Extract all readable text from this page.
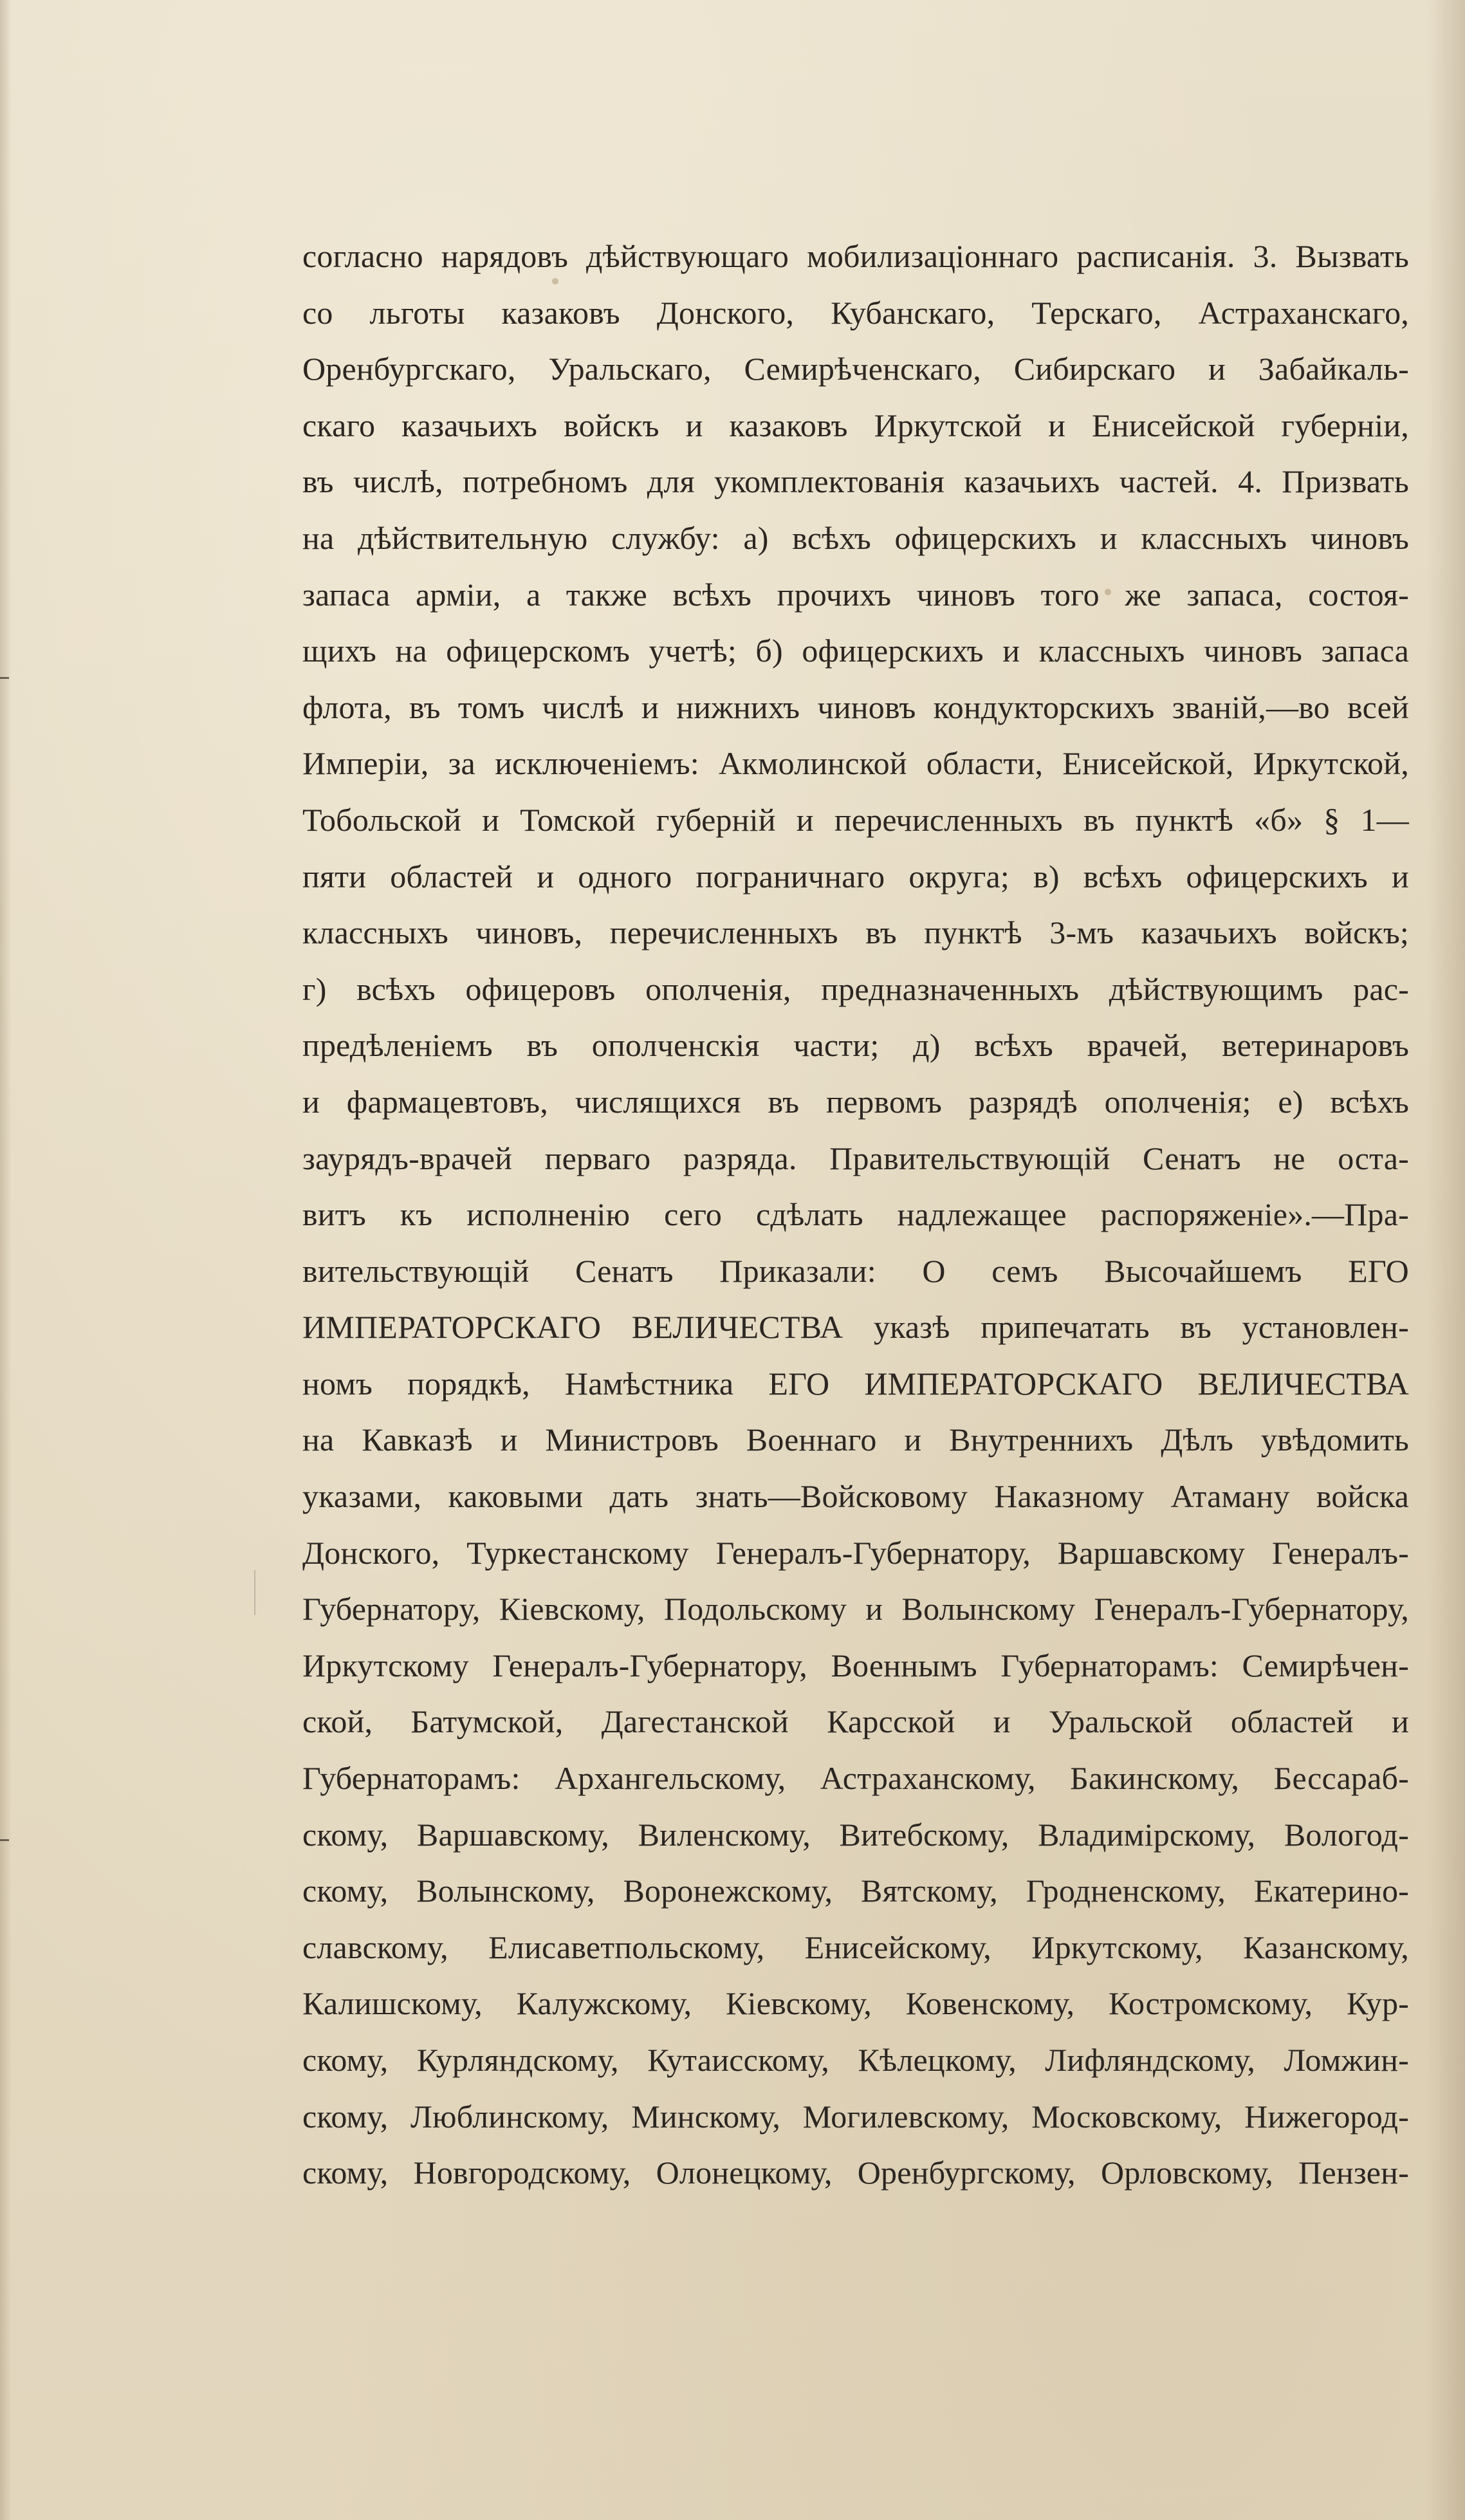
согласно нарядовъ дѣйствующаго мобилизаціоннаго расписанія. 3. Вызвать
со льготы казаковъ Донского, Кубанскаго, Терскаго, Астраханскаго,
Оренбургскаго, Уральскаго, Семирѣченскаго, Сибирскаго и Забайкаль-
скаго казачьихъ войскъ и казаковъ Иркутской и Енисейской губерніи,
въ числѣ, потребномъ для укомплектованія казачьихъ частей. 4. Призвать
на дѣйствительную службу: а) всѣхъ офицерскихъ и классныхъ чиновъ
запаса арміи, а также всѣхъ прочихъ чиновъ того же запаса, состоя-
щихъ на офицерскомъ учетѣ; б) офицерскихъ и классныхъ чиновъ запаса
флота, въ томъ числѣ и нижнихъ чиновъ кондукторскихъ званій,—во всей
Имперіи, за исключеніемъ: Акмолинской области, Енисейской, Иркутской,
Тобольской и Томской губерній и перечисленныхъ въ пунктѣ «б» § 1—
пяти областей и одного пограничнаго округа; в) всѣхъ офицерскихъ и
классныхъ чиновъ, перечисленныхъ въ пунктѣ 3-мъ казачьихъ войскъ;
г) всѣхъ офицеровъ ополченія, предназначенныхъ дѣйствующимъ рас-
предѣленіемъ въ ополченскія части; д) всѣхъ врачей, ветеринаровъ
и фармацевтовъ, числящихся въ первомъ разрядѣ ополченія; е) всѣхъ
заурядъ-врачей перваго разряда. Правительствующій Сенатъ не оста-
витъ къ исполненію сего сдѣлать надлежащее распоряженіе».—Пра-
вительствующій Сенатъ Приказали: О семъ Высочайшемъ ЕГО
ИМПЕРАТОРСКАГО ВЕЛИЧЕСТВА указѣ припечатать въ установлен-
номъ порядкѣ, Намѣстника ЕГО ИМПЕРАТОРСКАГО ВЕЛИЧЕСТВА
на Кавказѣ и Министровъ Военнаго и Внутреннихъ Дѣлъ увѣдомить
указами, каковыми дать знать—Войсковому Наказному Атаману войска
Донского, Туркестанскому Генералъ-Губернатору, Варшавскому Генералъ-
Губернатору, Кіевскому, Подольскому и Волынскому Генералъ-Губернатору,
Иркутскому Генералъ-Губернатору, Военнымъ Губернаторамъ: Семирѣчен-
ской, Батумской, Дагестанской Карсской и Уральской областей и
Губернаторамъ: Архангельскому, Астраханскому, Бакинскому, Бессараб-
скому, Варшавскому, Виленскому, Витебскому, Владимірскому, Вологод-
скому, Волынскому, Воронежскому, Вятскому, Гродненскому, Екатерино-
славскому, Елисаветпольскому, Енисейскому, Иркутскому, Казанскому,
Калишскому, Калужскому, Кіевскому, Ковенскому, Костромскому, Кур-
скому, Курляндскому, Кутаисскому, Кѣлецкому, Лифляндскому, Ломжин-
скому, Люблинскому, Минскому, Могилевскому, Московскому, Нижегород-
скому, Новгородскому, Олонецкому, Оренбургскому, Орловскому, Пензен-
